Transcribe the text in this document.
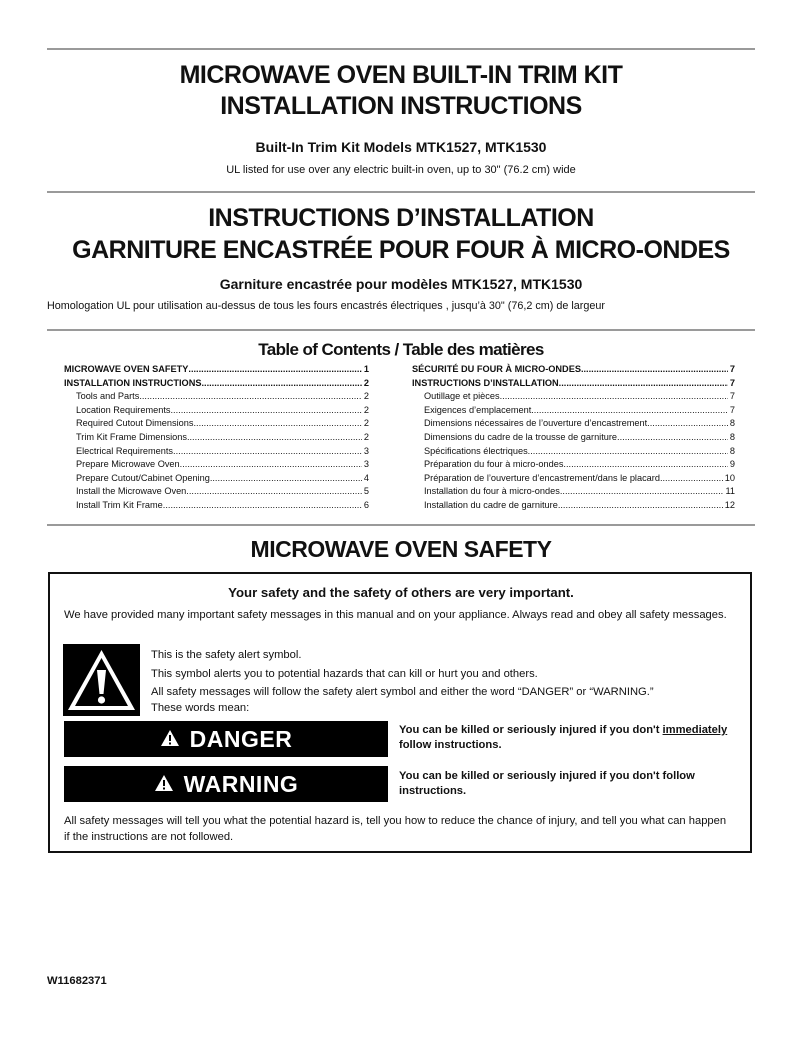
MICROWAVE OVEN BUILT-IN TRIM KIT
INSTALLATION INSTRUCTIONS
Built-In Trim Kit Models MTK1527, MTK1530
UL listed for use over any electric built-in oven, up to 30" (76.2 cm) wide
INSTRUCTIONS D’INSTALLATION
GARNITURE ENCASTRÉE POUR FOUR À MICRO-ONDES
Garniture encastrée pour modèles MTK1527, MTK1530
Homologation UL pour utilisation au-dessus de tous les fours encastrés électriques , jusqu’à 30" (76,2 cm) de largeur
Table of Contents / Table des matières
MICROWAVE OVEN SAFETY .....	1
INSTALLATION INSTRUCTIONS .....	2
Tools and Parts .....	2
Location Requirements .....	2
Required Cutout Dimensions .....	2
Trim Kit Frame Dimensions .....	2
Electrical Requirements .....	3
Prepare Microwave Oven .....	3
Prepare Cutout/Cabinet Opening .....	4
Install the Microwave Oven .....	5
Install Trim Kit Frame .....	6
SÉCURITÉ DU FOUR À MICRO-ONDES .....	7
INSTRUCTIONS D’INSTALLATION .....	7
Outillage et pièces .....	7
Exigences d’emplacement .....	7
Dimensions nécessaires de l’ouverture d’encastrement .....	8
Dimensions du cadre de la trousse de garniture .....	8
Spécifications électriques .....	8
Préparation du four à micro-ondes .....	9
Préparation de l’ouverture d’encastrement/dans le placard .....	10
Installation du four à micro-ondes .....	11
Installation du cadre de garniture .....	12
MICROWAVE OVEN SAFETY
Your safety and the safety of others are very important.
We have provided many important safety messages in this manual and on your appliance. Always read and obey all safety messages.
This is the safety alert symbol.
This symbol alerts you to potential hazards that can kill or hurt you and others.
All safety messages will follow the safety alert symbol and either the word “DANGER” or “WARNING.”
These words mean:
DANGER	You can be killed or seriously injured if you don't immediately
follow instructions.
WARNING	You can be killed or seriously injured if you don't follow
instructions.
All safety messages will tell you what the potential hazard is, tell you how to reduce the chance of injury, and tell you what can happen if the instructions are not followed.
W11682371
